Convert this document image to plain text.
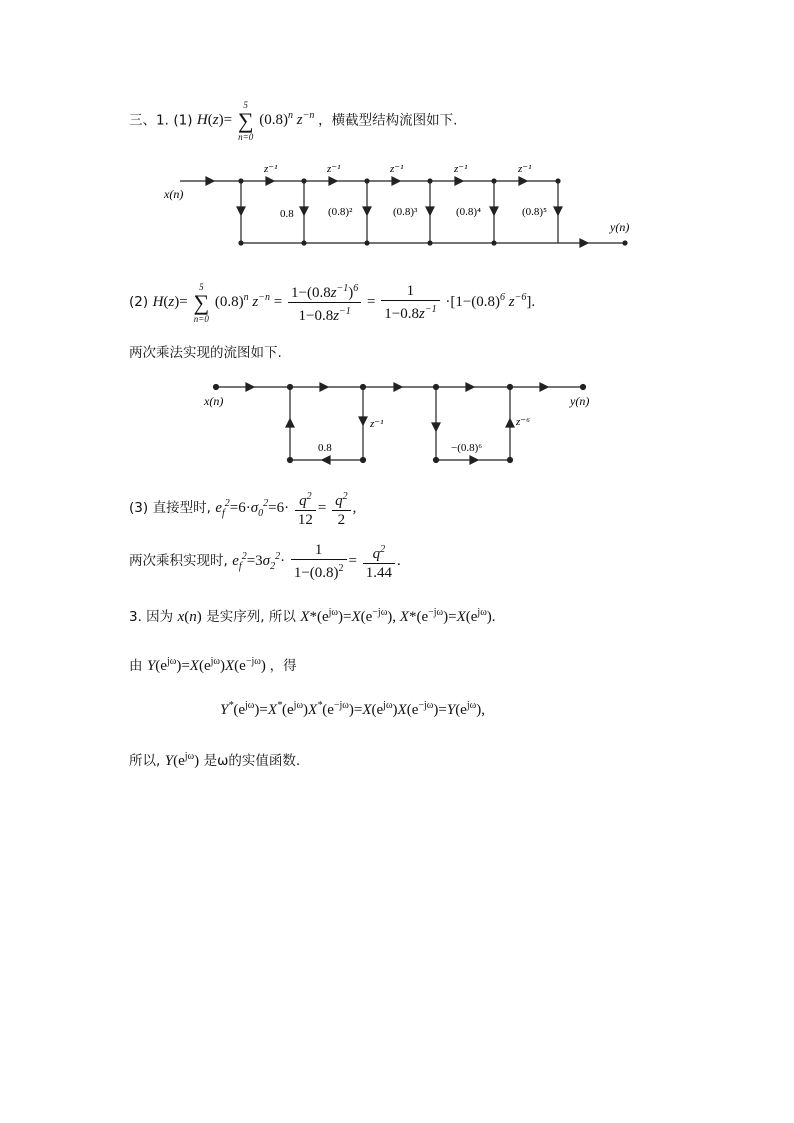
三、1. (1) H(z)=
5
∑
n=0
$(0.8)^n$ $z^{-n}$ ，横截型结构流图如下.
x(n)
y(n)
z⁻¹	z⁻¹	z⁻¹	z⁻¹	z⁻¹
0.8	(0.8)²	(0.8)³	(0.8)⁴	(0.8)⁵
(2) H(z)=
5
∑
n=0
$(0.8)^n$ $z^{-n} = \frac{1-(0.8z^{-1})^6}{1-0.8z^{-1}} = \frac{1}{1-0.8z^{-1}} \cdot[1-(0.8)^6$ $z^{-6}$].
两次乘法实现的流图如下.
x(n)	y(n)
z⁻¹
0.8
z⁻⁶
−(0.8)⁶
(3) 直接型时, $e_f^2=6\cdot\sigma_0^2=6\cdot \frac{q^2}{12} = \frac{q^2}{2}$ ,
两次乘积实现时, $e_f^2=3\sigma_2^2\cdot \frac{1}{1-(0.8)^2} = \frac{q^2}{1.44}$ .
3. 因为 x(n) 是实序列, 所以 $X*(e^{j\omega})=X(e^{-j\omega})$, $X*(e^{-j\omega})=X(e^{j\omega})$.
由 $Y(e^{j\omega})=X(e^{j\omega})X(e^{-j\omega})$ ，得
$Y^*(e^{j\omega})=X^*(e^{j\omega})X^*(e^{-j\omega})=X(e^{j\omega})X(e^{-j\omega})=Y(e^{j\omega})$,
所以, $Y(e^{j\omega})$ 是ω的实值函数.
